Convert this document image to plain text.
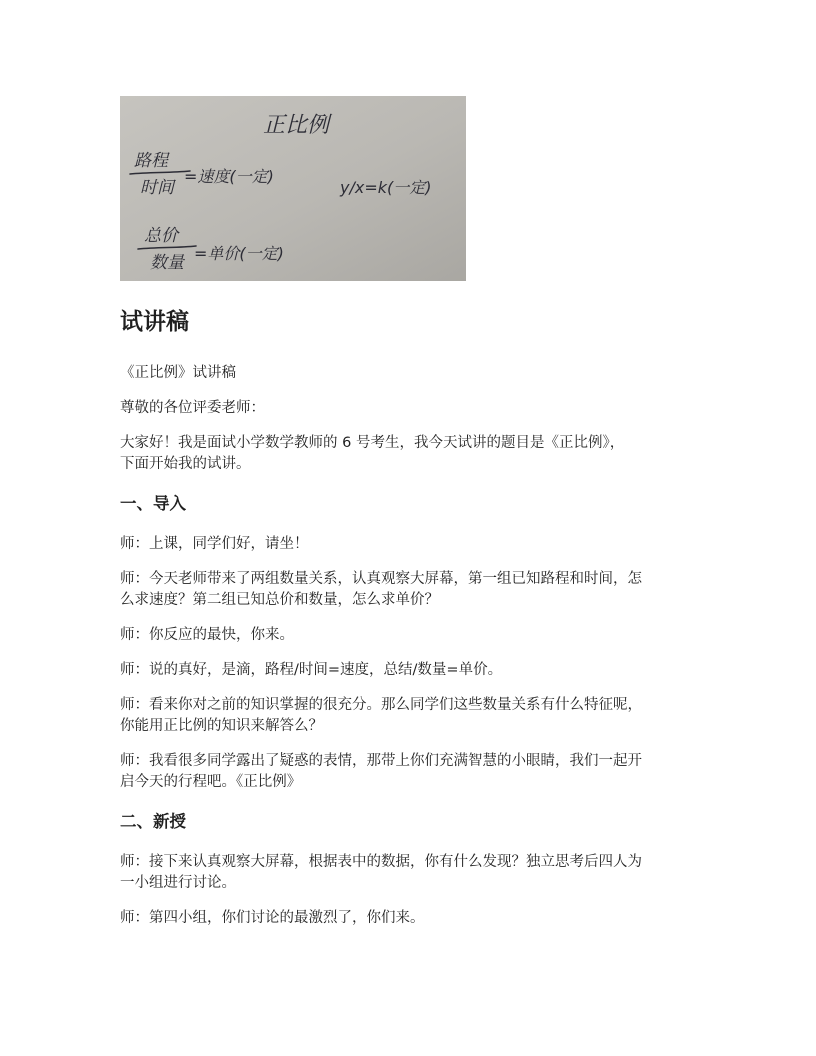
正比例
路程
时间
=速度(一定)
y/x=k(一定)
总价
数量 =单价(一定)
试讲稿

《正比例》试讲稿

尊敬的各位评委老师：

大家好！我是面试小学数学教师的 6 号考生，我今天试讲的题目是《正比例》，

下面开始我的试讲。

一、导入

师：上课，同学们好，请坐！

师：今天老师带来了两组数量关系，认真观察大屏幕，第一组已知路程和时间，怎

么求速度？第二组已知总价和数量，怎么求单价？

师：你反应的最快，你来。

师：说的真好，是滴，路程/时间=速度，总结/数量=单价。

师：看来你对之前的知识掌握的很充分。那么同学们这些数量关系有什么特征呢，

你能用正比例的知识来解答么？

师：我看很多同学露出了疑惑的表情，那带上你们充满智慧的小眼睛，我们一起开

启今天的行程吧。《正比例》

二、新授

师：接下来认真观察大屏幕，根据表中的数据，你有什么发现？独立思考后四人为

一小组进行讨论。

师：第四小组，你们讨论的最激烈了，你们来。
